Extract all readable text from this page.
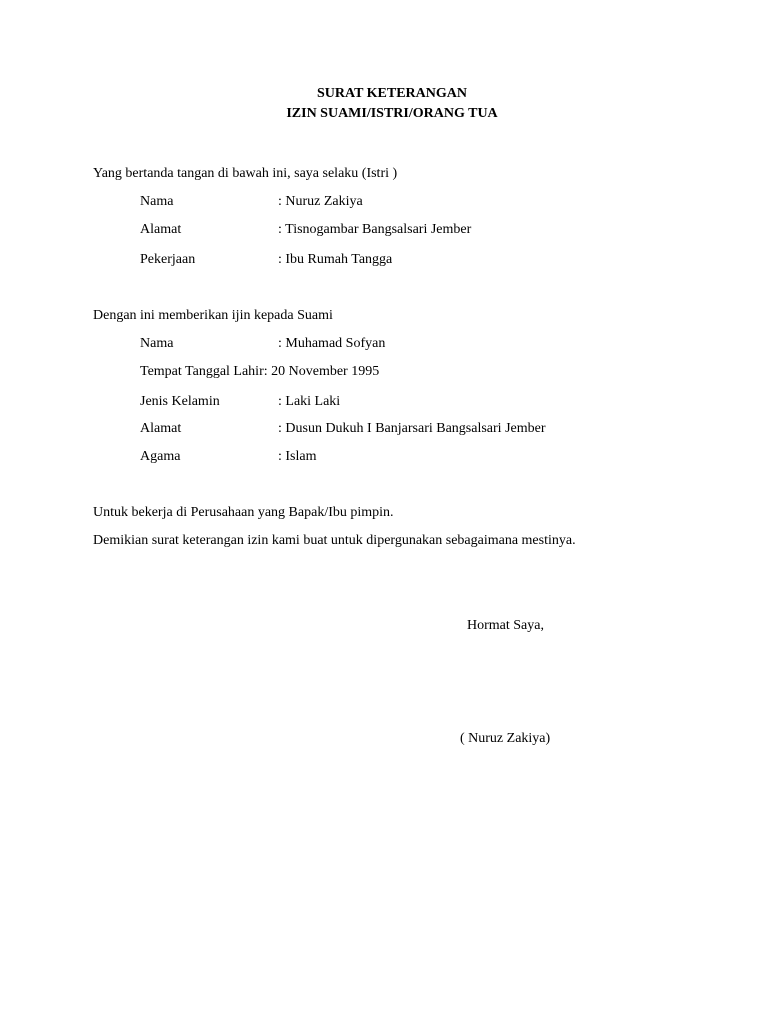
SURAT KETERANGAN
IZIN SUAMI/ISTRI/ORANG TUA
Yang bertanda tangan di bawah ini, saya selaku (Istri )
Nama	: Nuruz Zakiya
Alamat	: Tisnogambar Bangsalsari Jember
Pekerjaan	: Ibu Rumah Tangga
Dengan ini memberikan ijin kepada Suami
Nama	: Muhamad Sofyan
Tempat Tanggal Lahir: 20 November 1995
Jenis Kelamin	: Laki Laki
Alamat	: Dusun Dukuh I Banjarsari Bangsalsari Jember
Agama	: Islam
Untuk bekerja di Perusahaan yang Bapak/Ibu pimpin.
Demikian surat keterangan izin kami buat untuk dipergunakan sebagaimana mestinya.
Hormat Saya,
( Nuruz Zakiya)
